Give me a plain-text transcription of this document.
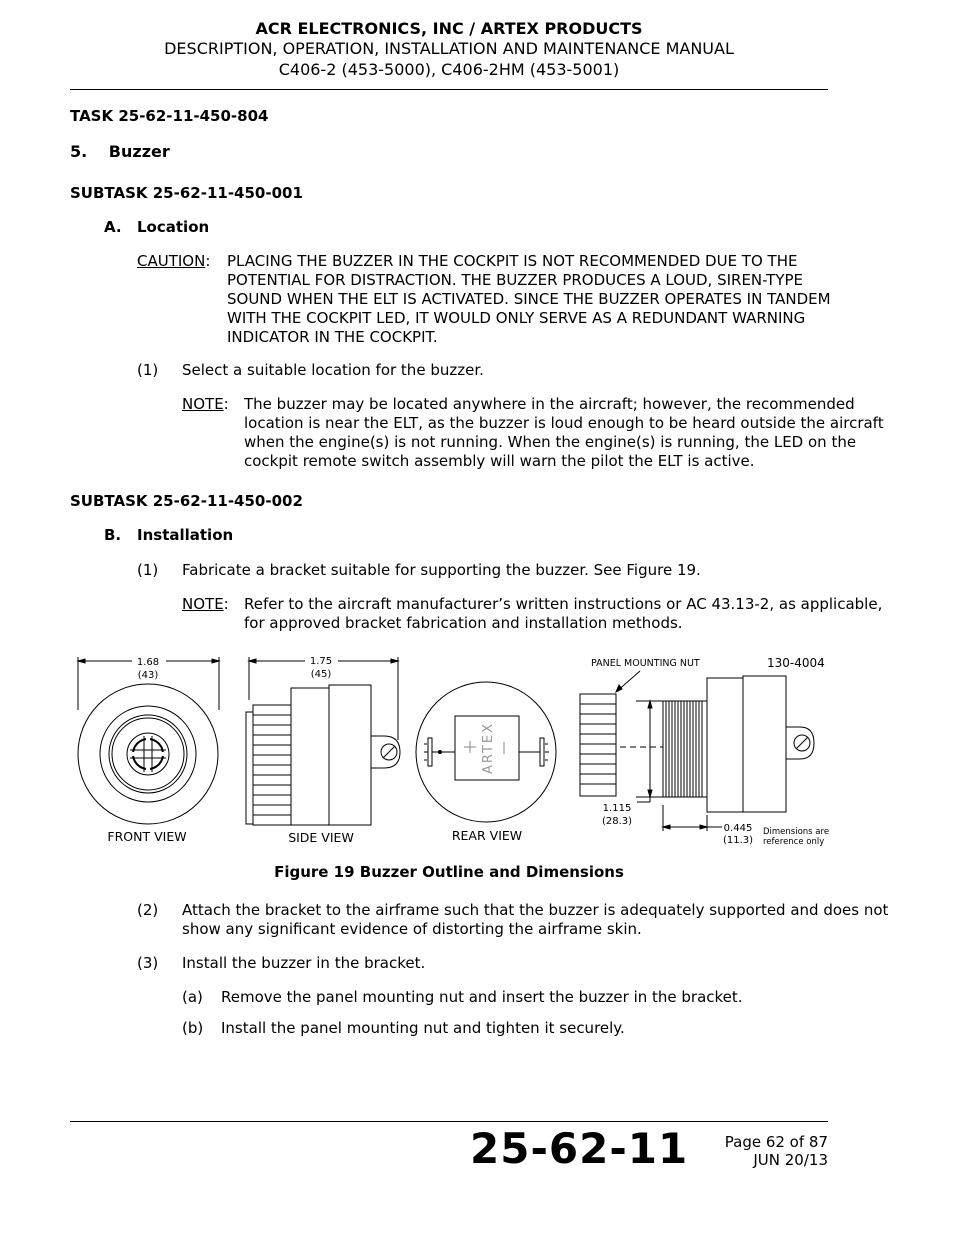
ACR ELECTRONICS, INC / ARTEX PRODUCTS
DESCRIPTION, OPERATION, INSTALLATION AND MAINTENANCE MANUAL
C406-2 (453-5000), C406-2HM (453-5001)
TASK 25-62-11-450-804
5. Buzzer
SUBTASK 25-62-11-450-001
A. Location
CAUTION: PLACING THE BUZZER IN THE COCKPIT IS NOT RECOMMENDED DUE TO THE
POTENTIAL FOR DISTRACTION. THE BUZZER PRODUCES A LOUD, SIREN-TYPE
SOUND WHEN THE ELT IS ACTIVATED. SINCE THE BUZZER OPERATES IN TANDEM
WITH THE COCKPIT LED, IT WOULD ONLY SERVE AS A REDUNDANT WARNING
INDICATOR IN THE COCKPIT.
(1) Select a suitable location for the buzzer.
NOTE: The buzzer may be located anywhere in the aircraft; however, the recommended
location is near the ELT, as the buzzer is loud enough to be heard outside the aircraft
when the engine(s) is not running. When the engine(s) is running, the LED on the
cockpit remote switch assembly will warn the pilot the ELT is active.
SUBTASK 25-62-11-450-002
B. Installation
(1) Fabricate a bracket suitable for supporting the buzzer. See Figure 19.
NOTE: Refer to the aircraft manufacturer’s written instructions or AC 43.13-2, as applicable,
for approved bracket fabrication and installation methods.
1.68
(43)
1.75
(45)
PANEL MOUNTING NUT	130-4004
1.115
(28.3)
0.445
(11.3)
Dimensions are
reference only
FRONT VIEW	SIDE VIEW	REAR VIEW
ARTEX
Figure 19 Buzzer Outline and Dimensions
(2) Attach the bracket to the airframe such that the buzzer is adequately supported and does not
show any significant evidence of distorting the airframe skin.
(3) Install the buzzer in the bracket.
(a) Remove the panel mounting nut and insert the buzzer in the bracket.
(b) Install the panel mounting nut and tighten it securely.
25-62-11 Page 62 of 87
JUN 20/13
